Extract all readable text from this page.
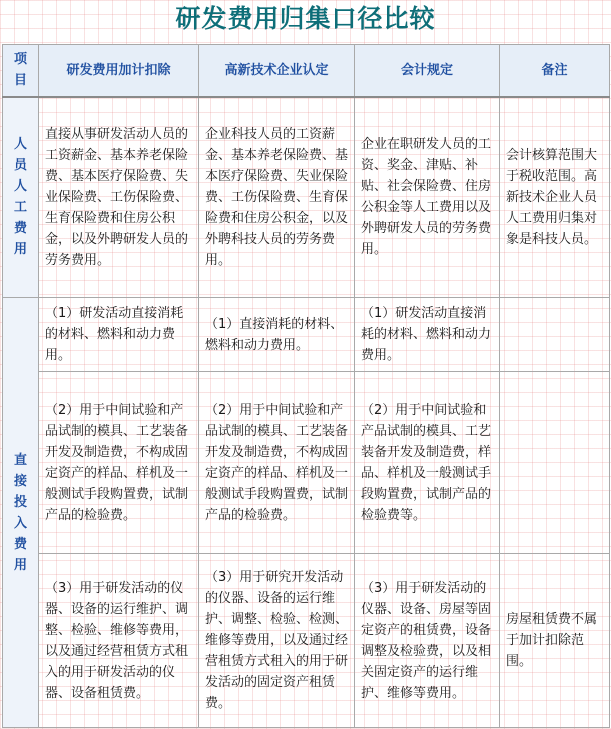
研发费用归集口径比较
项目	研发费用加计扣除	高新技术企业认定	会计规定	备注
人员人工费用	直接从事研发活动人员的工资薪金、基本养老保险费、基本医疗保险费、失业保险费、工伤保险费、生育保险费和住房公积金，以及外聘研发人员的劳务费用。	企业科技人员的工资薪金、基本养老保险费、基本医疗保险费、失业保险费、工伤保险费、生育保险费和住房公积金，以及外聘科技人员的劳务费用。	企业在职研发人员的工资、奖金、津贴、补贴、社会保险费、住房公积金等人工费用以及外聘研发人员的劳务费用。	会计核算范围大于税收范围。高新技术企业人员人工费用归集对象是科技人员。
直接投入费用	（1）研发活动直接消耗的材料、燃料和动力费用。	（1）直接消耗的材料、燃料和动力费用。	（1）研发活动直接消耗的材料、燃料和动力费用。	
	（2）用于中间试验和产品试制的模具、工艺装备开发及制造费，不构成固定资产的样品、样机及一般测试手段购置费，试制产品的检验费。	（2）用于中间试验和产品试制的模具、工艺装备开发及制造费，不构成固定资产的样品、样机及一般测试手段购置费，试制产品的检验费。	（2）用于中间试验和产品试制的模具、工艺装备开发及制造费，样品、样机及一般测试手段购置费，试制产品的检验费等。	
	（3）用于研发活动的仪器、设备的运行维护、调整、检验、维修等费用，以及通过经营租赁方式租入的用于研发活动的仪器、设备租赁费。	（3）用于研究开发活动的仪器、设备的运行维护、调整、检验、检测、维修等费用，以及通过经营租赁方式租入的用于研发活动的固定资产租赁费。	（3）用于研发活动的仪器、设备、房屋等固定资产的租赁费，设备调整及检验费，以及相关固定资产的运行维护、维修等费用。	房屋租赁费不属于加计扣除范围。
